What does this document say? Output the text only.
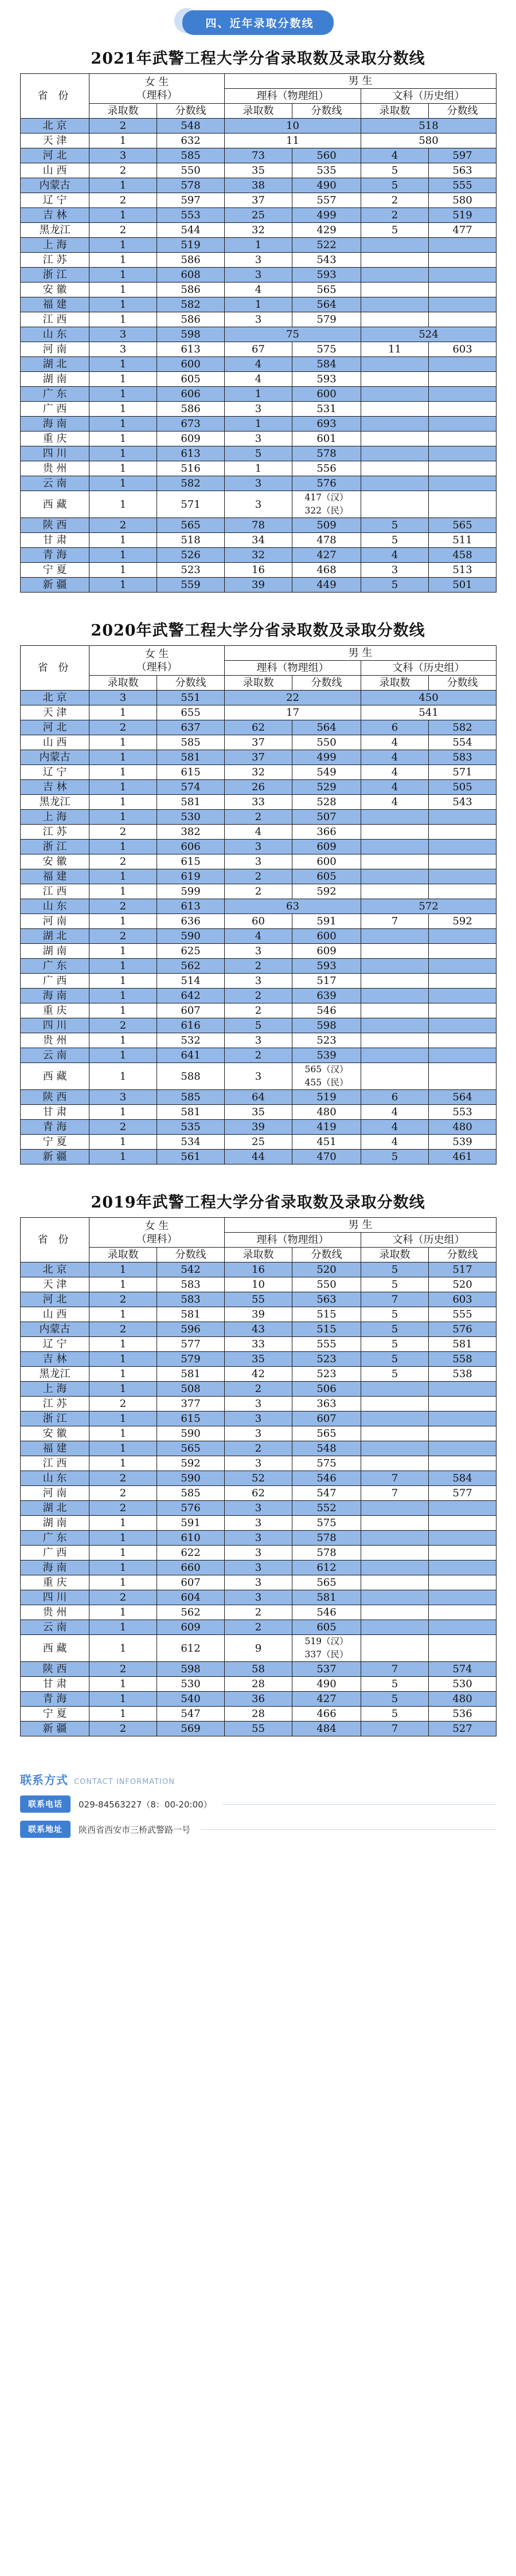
四、近年录取分数线
2021年武警工程大学分省录取数及录取分数线
省 份	女 生
（理科）		男 生			
			理科（物理组）		文科（历史组）	
	录取数	分数线	录取数	分数线	录取数	分数线
北 京	2	548	10		518	
天 津	1	632	11		580	
河 北	3	585	73	560	4	597
山 西	2	550	35	535	5	563
内蒙古	1	578	38	490	5	555
辽 宁	2	597	37	557	2	580
吉 林	1	553	25	499	2	519
黑龙江	2	544	32	429	5	477
上 海	1	519	1	522		
江 苏	1	586	3	543		
浙 江	1	608	3	593		
安 徽	1	586	4	565		
福 建	1	582	1	564		
江 西	1	586	3	579		
山 东	3	598	75		524	
河 南	3	613	67	575	11	603
湖 北	1	600	4	584		
湖 南	1	605	4	593		
广 东	1	606	1	600		
广 西	1	586	3	531		
海 南	1	673	1	693		
重 庆	1	609	3	601		
四 川	1	613	5	578		
贵 州	1	516	1	556		
云 南	1	582	3	576		
西 藏	1	571	3	417（汉）
322（民）		
陕 西	2	565	78	509	5	565
甘 肃	1	518	34	478	5	511
青 海	1	526	32	427	4	458
宁 夏	1	523	16	468	3	513
新 疆	1	559	39	449	5	501
2020年武警工程大学分省录取数及录取分数线
省 份	女 生
（理科）		男 生			
			理科（物理组）		文科（历史组）	
	录取数	分数线	录取数	分数线	录取数	分数线
北 京	3	551	22		450	
天 津	1	655	17		541	
河 北	2	637	62	564	6	582
山 西	1	585	37	550	4	554
内蒙古	1	581	37	499	4	583
辽 宁	1	615	32	549	4	571
吉 林	1	574	26	529	4	505
黑龙江	1	581	33	528	4	543
上 海	1	530	2	507		
江 苏	2	382	4	366		
浙 江	1	606	3	609		
安 徽	2	615	3	600		
福 建	1	619	2	605		
江 西	1	599	2	592		
山 东	2	613	63		572	
河 南	1	636	60	591	7	592
湖 北	2	590	4	600		
湖 南	1	625	3	609		
广 东	1	562	2	593		
广 西	1	514	3	517		
海 南	1	642	2	639		
重 庆	1	607	2	546		
四 川	2	616	5	598		
贵 州	1	532	3	523		
云 南	1	641	2	539		
西 藏	1	588	3	565（汉）
455（民）		
陕 西	3	585	64	519	6	564
甘 肃	1	581	35	480	4	553
青 海	2	535	39	419	4	480
宁 夏	1	534	25	451	4	539
新 疆	1	561	44	470	5	461
2019年武警工程大学分省录取数及录取分数线
省 份	女 生
（理科）		男 生			
			理科（物理组）		文科（历史组）	
	录取数	分数线	录取数	分数线	录取数	分数线
北 京	1	542	16	520	5	517
天 津	1	583	10	550	5	520
河 北	2	583	55	563	7	603
山 西	1	581	39	515	5	555
内蒙古	2	596	43	515	5	576
辽 宁	1	577	33	555	5	581
吉 林	1	579	35	523	5	558
黑龙江	1	581	42	523	5	538
上 海	1	508	2	506		
江 苏	2	377	3	363		
浙 江	1	615	3	607		
安 徽	1	590	3	565		
福 建	1	565	2	548		
江 西	1	592	3	575		
山 东	2	590	52	546	7	584
河 南	2	585	62	547	7	577
湖 北	2	576	3	552		
湖 南	1	591	3	575		
广 东	1	610	3	578		
广 西	1	622	3	578		
海 南	1	660	3	612		
重 庆	1	607	3	565		
四 川	2	604	3	581		
贵 州	1	562	2	546		
云 南	1	609	2	605		
西 藏	1	612	9	519（汉）
337（民）		
陕 西	2	598	58	537	7	574
甘 肃	1	530	28	490	5	530
青 海	1	540	36	427	5	480
宁 夏	1	547	28	466	5	536
新 疆	2	569	55	484	7	527
联系方式 CONTACT INFORMATION
联系电话	029-84563227（8：00-20:00）
联系地址	陕西省西安市三桥武警路一号
